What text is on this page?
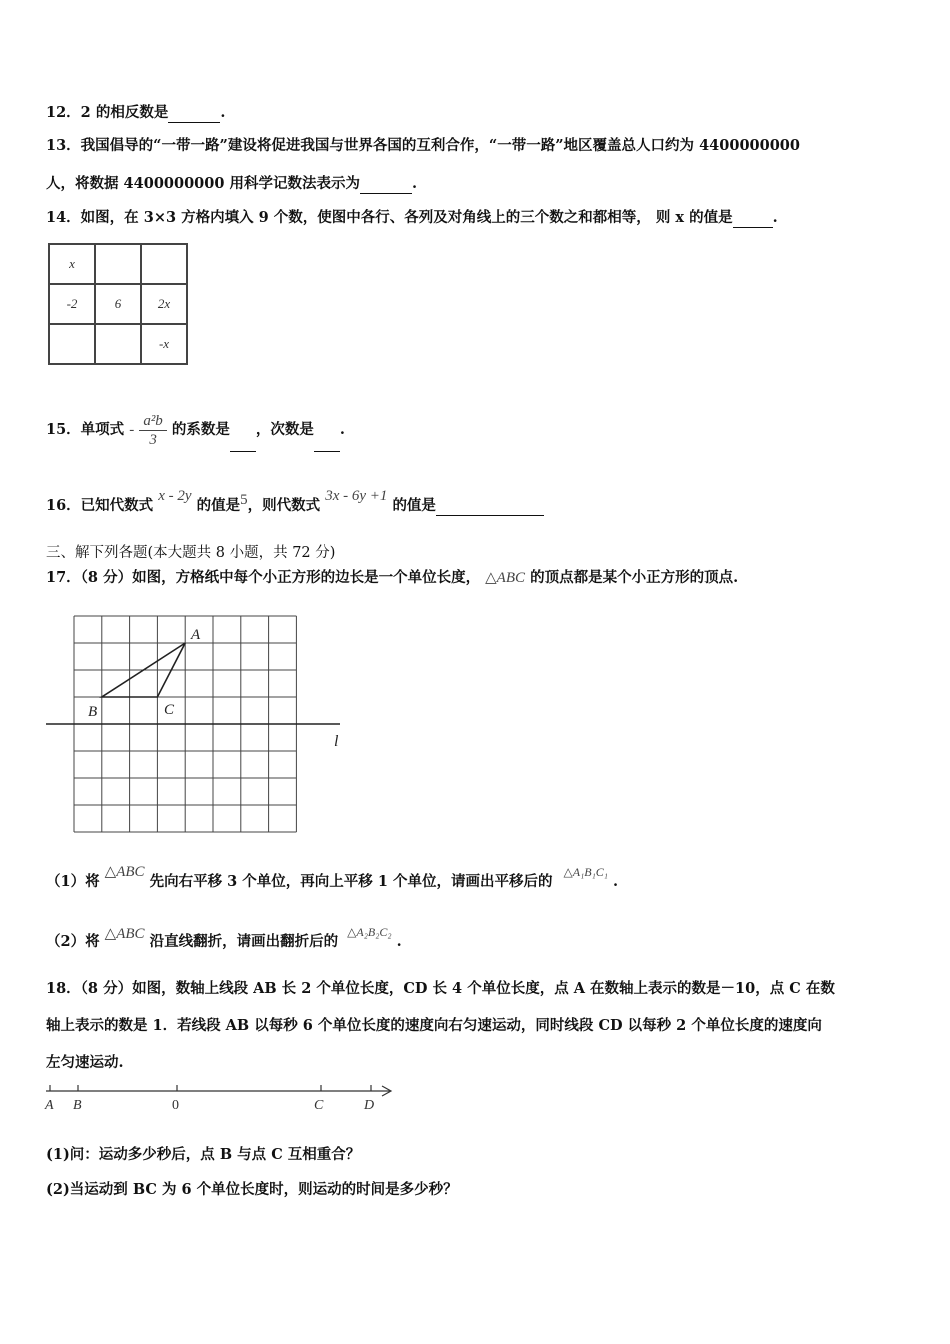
12．2 的相反数是	.
13．我国倡导的“一带一路”建设将促进我国与世界各国的互利合作，“一带一路”地区覆盖总人口约为 4400000000
人，将数据 4400000000 用科学记数法表示为	.
14．如图，在 3×3 方格内填入 9 个数，使图中各行、各列及对角线上的三个数之和都相等， 则 x 的值是	.
x		
-2	6	2x
		-x
15．单项式 - $\frac{\text{a²b}}{3}$ 的系数是 ，次数是 .
16．已知代数式 x - 2y 的值是5，则代数式 3x - 6y +1 的值是
三、解下列各题(本大题共 8 小题，共 72 分)
17．（8 分）如图，方格纸中每个小正方形的边长是一个单位长度， △ABC 的顶点都是某个小正方形的顶点.
A
B	C
l
（1）将 △ABC 先向右平移 3 个单位，再向上平移 1 个单位，请画出平移后的 $^{\triangle A_1B_1C_1}$ .
（2）将 △ABC 沿直线翻折，请画出翻折后的 $^{\triangle A_2B_2C_2}$ .
18．（8 分）如图，数轴上线段 AB 长 2 个单位长度，CD 长 4 个单位长度，点 A 在数轴上表示的数是－10，点 C 在数
轴上表示的数是 1．若线段 AB 以每秒 6 个单位长度的速度向右匀速运动，同时线段 CD 以每秒 2 个单位长度的速度向
左匀速运动.
A B	0	C	D
(1)问：运动多少秒后，点 B 与点 C 互相重合？
(2)当运动到 BC 为 6 个单位长度时，则运动的时间是多少秒？
